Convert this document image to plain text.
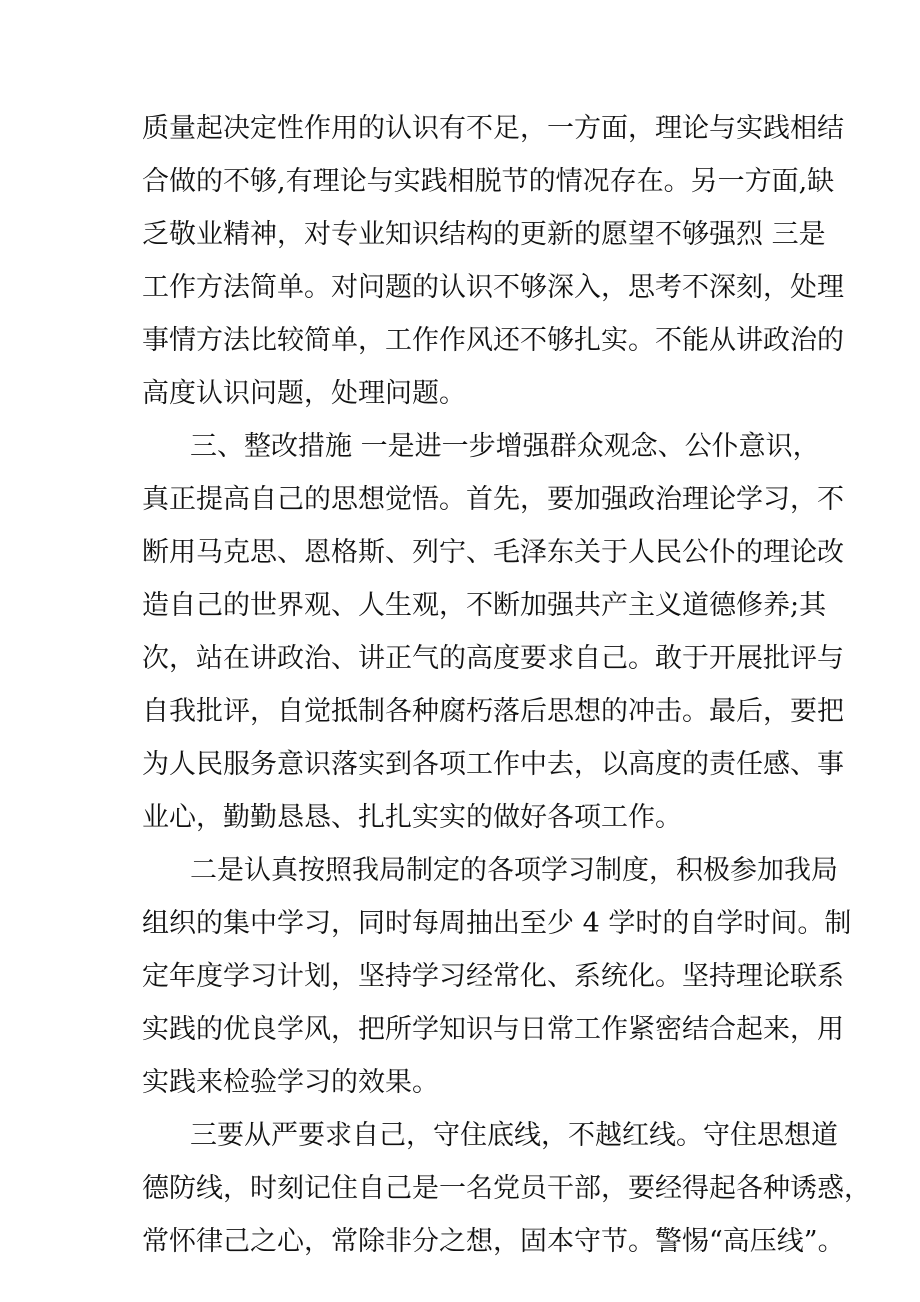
质量起决定性作用的认识有不足，一方面，理论与实践相结
合做的不够,有理论与实践相脱节的情况存在。另一方面,缺
乏敬业精神，对专业知识结构的更新的愿望不够强烈 三是
工作方法简单。对问题的认识不够深入，思考不深刻，处理
事情方法比较简单，工作作风还不够扎实。不能从讲政治的
高度认识问题，处理问题。
三、整改措施 一是进一步增强群众观念、公仆意识，
真正提高自己的思想觉悟。首先，要加强政治理论学习，不
断用马克思、恩格斯、列宁、毛泽东关于人民公仆的理论改
造自己的世界观、人生观，不断加强共产主义道德修养;其
次，站在讲政治、讲正气的高度要求自己。敢于开展批评与
自我批评，自觉抵制各种腐朽落后思想的冲击。最后，要把
为人民服务意识落实到各项工作中去，以高度的责任感、事
业心，勤勤恳恳、扎扎实实的做好各项工作。
二是认真按照我局制定的各项学习制度，积极参加我局
组织的集中学习，同时每周抽出至少 4 学时的自学时间。制
定年度学习计划，坚持学习经常化、系统化。坚持理论联系
实践的优良学风，把所学知识与日常工作紧密结合起来，用
实践来检验学习的效果。
三要从严要求自己，守住底线，不越红线。守住思想道
德防线，时刻记住自己是一名党员干部，要经得起各种诱惑，
常怀律己之心，常除非分之想，固本守节。警惕“高压线”。
